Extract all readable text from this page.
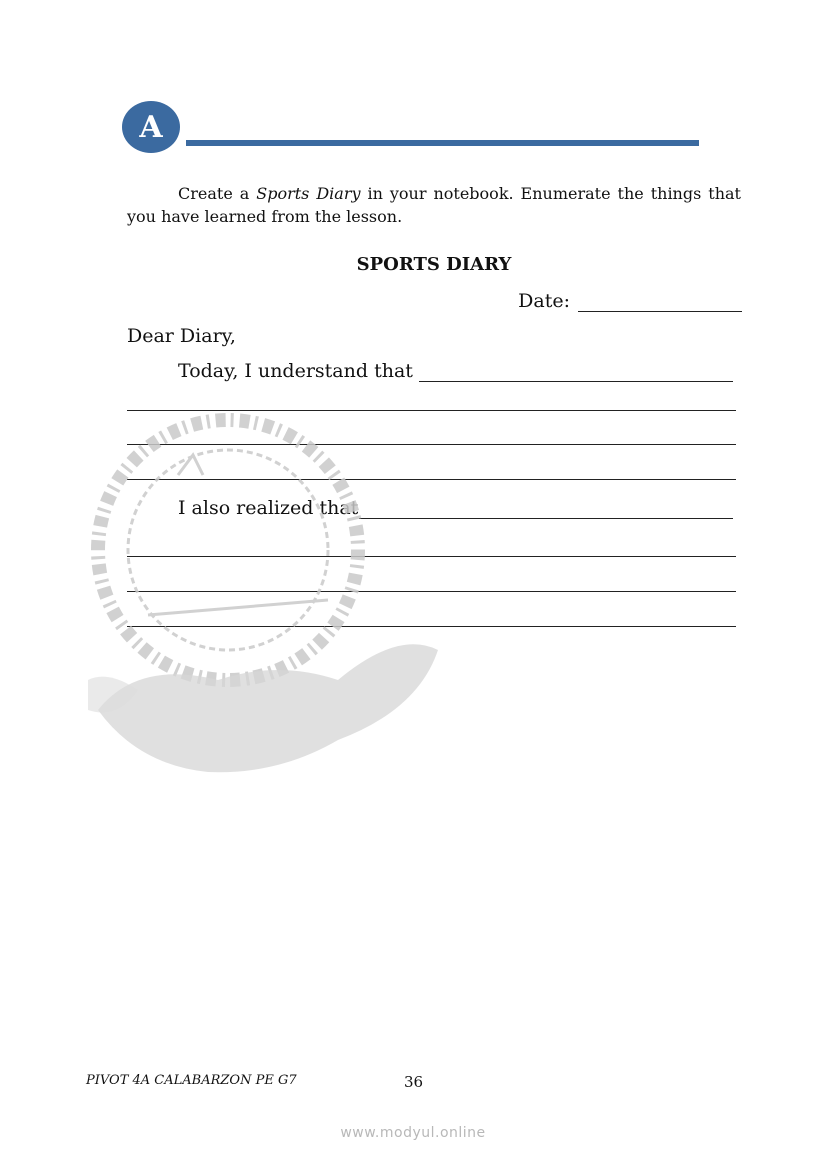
A
Create a Sports Diary in your notebook. Enumerate the things that you have learned from the lesson.
SPORTS DIARY
Date:
Dear Diary,
Today, I understand that
I also realized that
PIVOT 4A CALABARZON PE G7	36
www.modyul.online
